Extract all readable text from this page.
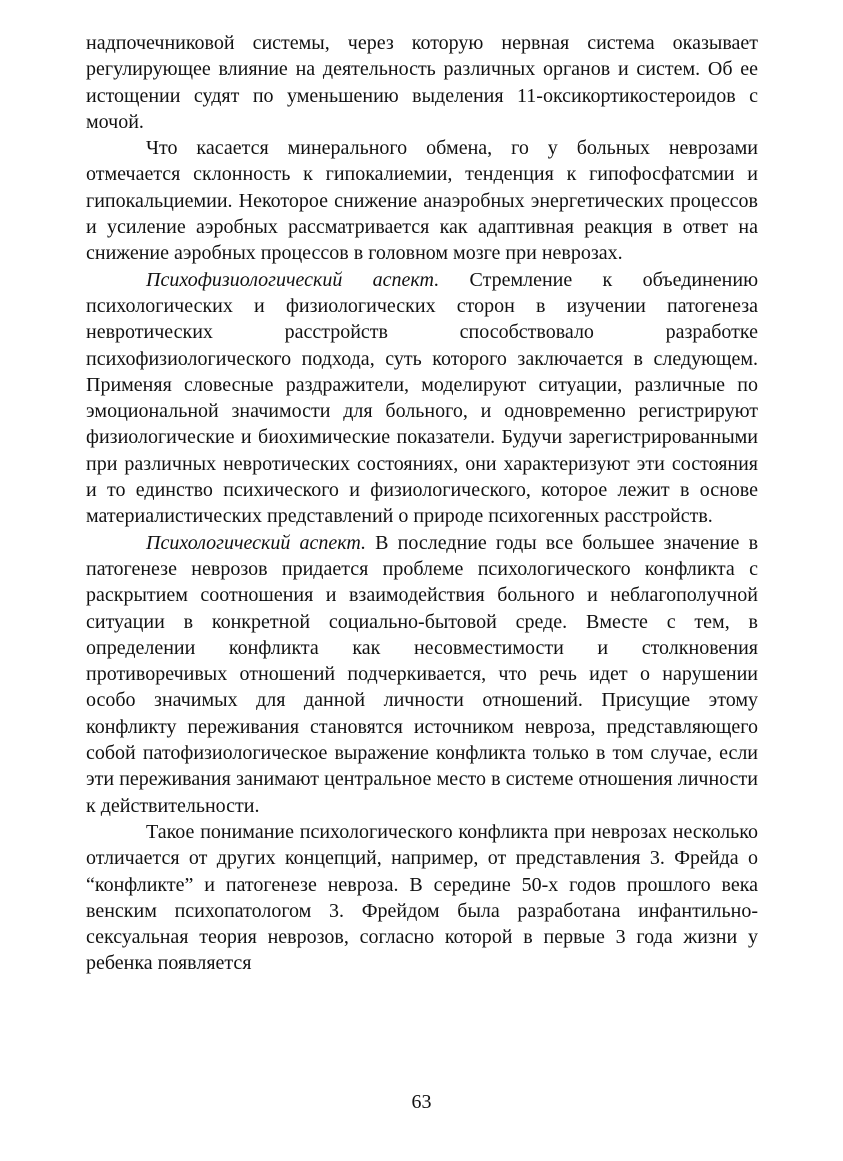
надпочечниковой системы, через которую нервная система оказывает регулирующее влияние на деятельность различных органов и систем. Об ее истощении судят по уменьшению выделения 11-оксикортикостероидов с мочой.

Что касается минерального обмена, го у больных неврозами отмечается склонность к гипокалиемии, тенденция к гипофосфатсмии и гипокальциемии. Некоторое снижение анаэробных энергетических процессов и усиление аэробных рассматривается как адаптивная реакция в ответ на снижение аэробных процессов в головном мозге при неврозах.

Психофизиологический аспект. Стремление к объединению психологических и физиологических сторон в изучении патогенеза невротических расстройств способствовало разработке психофизиологического подхода, суть которого заключается в следующем. Применяя словесные раздражители, моделируют ситуации, различные по эмоциональной значимости для больного, и одновременно регистрируют физиологические и биохимические показатели. Будучи зарегистрированными при различных невротических состояниях, они характеризуют эти состояния и то единство психического и физиологического, которое лежит в основе материалистических представлений о природе психогенных расстройств.

Психологический аспект. В последние годы все большее значение в патогенезе неврозов придается проблеме психологического конфликта с раскрытием соотношения и взаимодействия больного и неблагополучной ситуации в конкретной социально-бытовой среде. Вместе с тем, в определении конфликта как несовместимости и столкновения противоречивых отношений подчеркивается, что речь идет о нарушении особо значимых для данной личности отношений. Присущие этому конфликту переживания становятся источником невроза, представляющего собой патофизиологическое выражение конфликта только в том случае, если эти переживания занимают центральное место в системе отношения личности к действительности.

Такое понимание психологического конфликта при неврозах несколько отличается от других концепций, например, от представления 3. Фрейда о “конфликте” и патогенезе невроза. В середине 50-х годов прошлого века венским психопатологом 3. Фрейдом была разработана инфантильно-сексуальная теория неврозов, согласно которой в первые 3 года жизни у ребенка появляется

63
